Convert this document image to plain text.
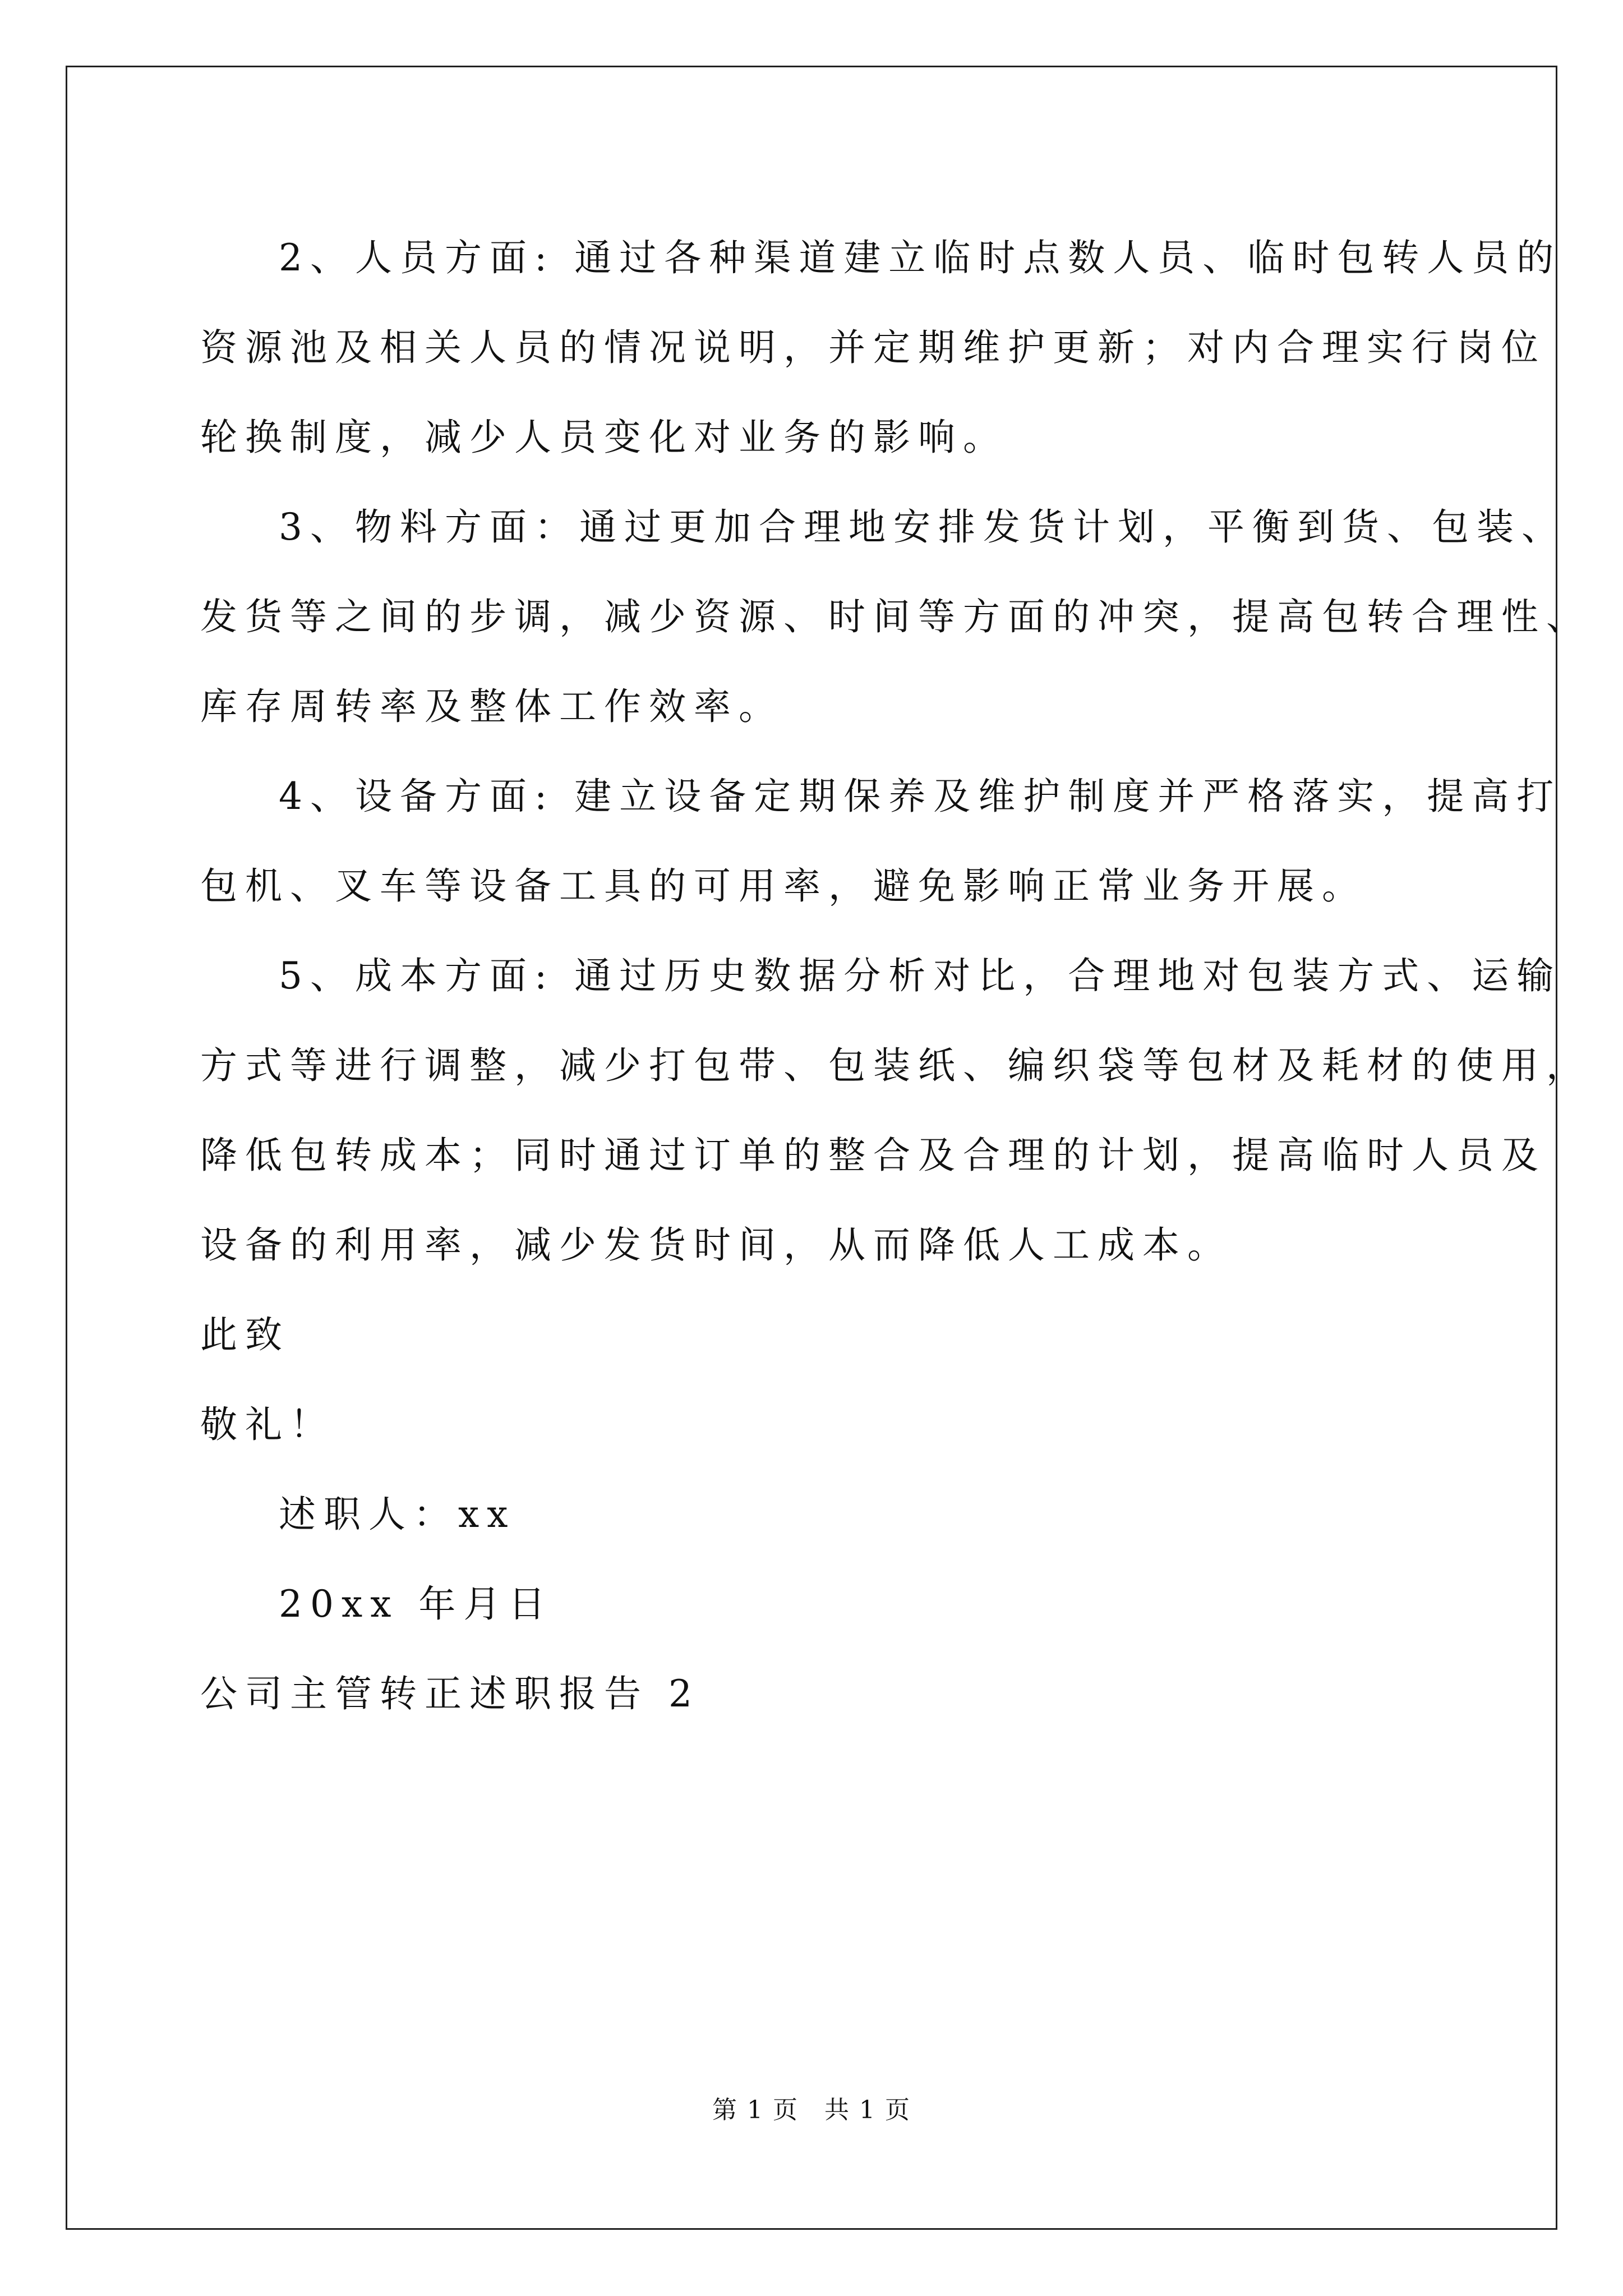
2、人员方面: 通过各种渠道建立临时点数人员、临时包转人员的
资源池及相关人员的情况说明，并定期维护更新；对内合理实行岗位
轮换制度，减少人员变化对业务的影响。
3、物料方面：通过更加合理地安排发货计划，平衡到货、包装、
发货等之间的步调，减少资源、时间等方面的冲突，提高包转合理性、
库存周转率及整体工作效率。
4、设备方面: 建立设备定期保养及维护制度并严格落实，提高打
包机、叉车等设备工具的可用率，避免影响正常业务开展。
5、成本方面: 通过历史数据分析对比，合理地对包装方式、运输
方式等进行调整，减少打包带、包装纸、编织袋等包材及耗材的使用，
降低包转成本；同时通过订单的整合及合理的计划，提高临时人员及
设备的利用率，减少发货时间，从而降低人工成本。
此致
敬礼！
述职人：xx
20xx 年月日
公司主管转正述职报告 2
第 1 页　共 1 页
